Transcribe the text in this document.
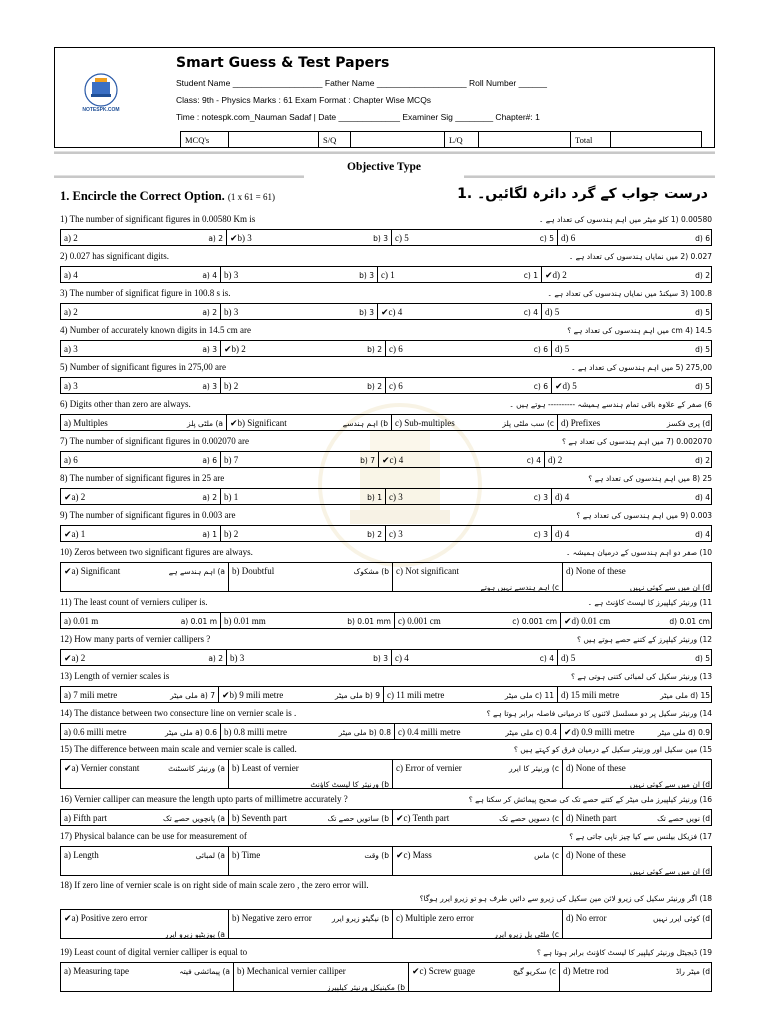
NOTESPK.COM
Smart Guess & Test Papers
Student Name ___________________ Father Name ___________________ Roll Number ______
Class: 9th - Physics Marks : 61 Exam Format : Chapter Wise MCQs
Time : notespk.com_Nauman Sadaf | Date _____________ Examiner Sig ________ Chapter#: 1
MCQ's		S/Q		L/Q		Total	
Objective Type
1. Encircle the Correct Option. (1 x 61 = 61)	درست جواب کے گرد دائرہ لگائیں۔ .1
1) The number of significant figures in 0.00580 Km is	0.00580 (1 کلو میٹر میں اہم ہندسوں کی تعداد ہے ۔
a) 2	a) 2 ✔b) 3	b) 3 c) 5	c) 5 d) 6	d) 6
2) 0.027 has significant digits.	0.027 (2 میں نمایاں ہندسوں کی تعداد ہے ۔
a) 4	a) 4 b) 3	b) 3 c) 1	c) 1 ✔d) 2	d) 2
3) The number of significat figure in 100.8 s is.	100.8 (3 سیکنڈ میں نمایاں ہندسوں کی تعداد ہے ۔
a) 2	a) 2 b) 3	b) 3 ✔c) 4	c) 4 d) 5	d) 5
4) Number of accurately known digits in 14.5 cm are	14.5 (4 cm میں اہم ہندسوں کی تعداد ہے ؟
a) 3	a) 3 ✔b) 2	b) 2 c) 6	c) 6 d) 5	d) 5
5) Number of significant figures in 275,00 are	275,00 (5 میں اہم ہندسوں کی تعداد ہے ۔
a) 3	a) 3 b) 2	b) 2 c) 6	c) 6 ✔d) 5	d) 5
6) Digits other than zero are always.	6) صفر کے علاوہ باقی تمام ہندسے ہمیشہ ---------- ہوتے ہیں ۔
a) Multiples	a) ملٹی پلز ✔b) Significant	b) اہم ہندسے c) Sub-multiples	c) سب ملٹی پلز d) Prefixes	d) پری فکسز
7) The number of significant figures in 0.002070 are	0.002070 (7 میں اہم ہندسوں کی تعداد ہے ؟
a) 6	a) 6 b) 7	b) 7 ✔c) 4	c) 4 d) 2	d) 2
8) The number of significant figures in 25 are	25 (8 میں اہم ہندسوں کی تعداد ہے ؟
✔a) 2	a) 2 b) 1	b) 1 c) 3	c) 3 d) 4	d) 4
9) The number of significant figures in 0.003 are	0.003 (9 میں اہم ہندسوں کی تعداد ہے ؟
✔a) 1	a) 1 b) 2	b) 2 c) 3	c) 3 d) 4	d) 4
10) Zeros between two significant figures are always.	10) صفر دو اہم ہندسوں کے درمیان ہمیشہ ۔
✔a) Significant	a) اہم ہندسے ہے b) Doubtful	b) مشکوک c) Not significant
c) اہم ہندسے نہیں ہوتے
d) None of these
d) ان میں سے کوئی نہیں
11) The least count of verniers culiper is.	11) ورنیئر کیلپیرز کا لیسٹ کاؤنٹ ہے ۔
a) 0.01 m	a) 0.01 m b) 0.01 mm	b) 0.01 mm c) 0.001 cm	c) 0.001 cm ✔d) 0.01 cm	d) 0.01 cm
12) How many parts of vernier callipers ?	12) ورنیئر کیلپرز کے کتنے حصے ہوتے ہیں ؟
✔a) 2	a) 2 b) 3	b) 3 c) 4	c) 4 d) 5	d) 5
13) Length of vernier scales is	13) ورنیئر سکیل کی لمبائی کتنی ہوتی ہے ؟
a) 7 mili metre	a) 7 ملی میٹر ✔b) 9 mili metre	b) 9 ملی میٹر c) 11 mili metre	c) 11 ملی میٹر d) 15 mili metre	d) 15 ملی میٹر
14) The distance between two consecture line on vernier scale is .	14) ورنیئر سکیل پر دو مسلسل لائنوں کا درمیانی فاصلہ برابر ہوتا ہے ؟
a) 0.6 milli metre	a) 0.6 ملی میٹر b) 0.8 milli metre	b) 0.8 ملی میٹر c) 0.4 milli metre	c) 0.4 ملی میٹر ✔d) 0.9 milli metre	d) 0.9 ملی میٹر
15) The difference between main scale and vernier scale is called.	15) مین سکیل اور ورنیئر سکیل کے درمیان فرق کو کہتے ہیں ؟
✔a) Vernier constant	a) ورنیئر کانسٹنٹ b) Least of vernier
b) ورنیئر کا لیسٹ کاؤنٹ
c) Error of vernier	c) ورنیئر کا ایرر d) None of these
d) ان میں سے کوئی نہیں
16) Vernier calliper can measure the length upto parts of millimetre accurately ?	16) ورنیئر کیلپیرز ملی میٹر کے کتنے حصے تک کی صحیح پیمائش کر سکتا ہے ؟
a) Fifth part	a) پانچویں حصے تک b) Seventh part	b) ساتویں حصے تک ✔c) Tenth part	c) دسویں حصے تک d) Nineth part	d) نویں حصے تک
17) Physical balance can be use for measurement of	17) فزیکل بیلنس سے کیا چیز ناپی جاتی ہے ؟
a) Length	a) لمبائی b) Time	b) وقت ✔c) Mass	c) ماس d) None of these
d) ان میں سے کوئی نہیں
18) If zero line of vernier scale is on right side of main scale zero , the zero error will.
18) اگر ورنیئر سکیل کی زیرو لائن مین سکیل کی زیرو سے دائیں طرف ہو تو زیرو ایرر ہوگا؟
✔a) Positive zero error
a) پوزیٹیو زیرو ایرر
b) Negative zero error	b) نیگیٹو زیرو ایرر c) Multiple zero error
c) ملٹی پل زیرو ایرر
d) No error	d) کوئی ایرر نہیں
19) Least count of digital vernier calliper is equal to	19) ڈیجیٹل ورنیئر کیلپیر کا لیسٹ کاؤنٹ برابر ہوتا ہے ؟
a) Measuring tape	a) پیمائشی فیتہ b) Mechanical vernier calliper
b) مکینیکل ورنیئر کیلپیرز
✔c) Screw guage	c) سکریو گیج d) Metre rod	d) میٹر راڈ
